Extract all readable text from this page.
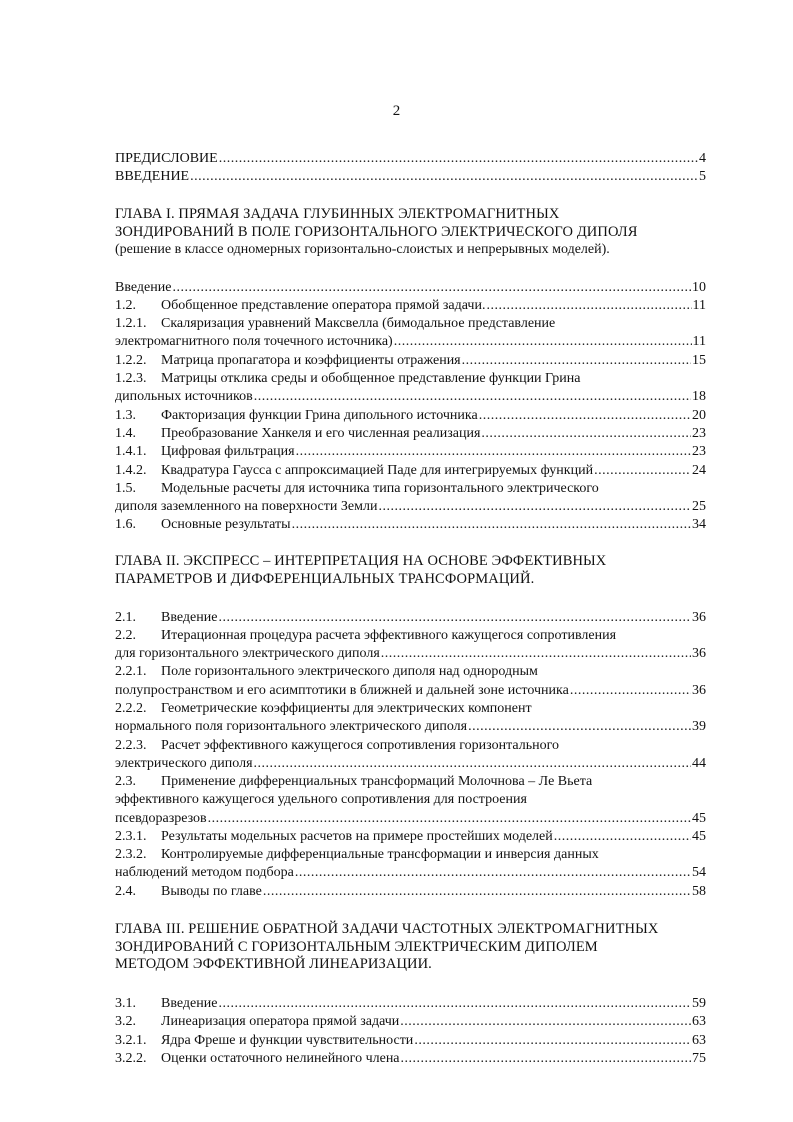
2
ПРЕДИСЛОВИЕ .....	4
ВВЕДЕНИЕ .....	5
ГЛАВА I. ПРЯМАЯ ЗАДАЧА ГЛУБИННЫХ ЭЛЕКТРОМАГНИТНЫХ
ЗОНДИРОВАНИЙ В ПОЛЕ ГОРИЗОНТАЛЬНОГО ЭЛЕКТРИЧЕСКОГО ДИПОЛЯ
(решение в классе одномерных горизонтально-слоистых и непрерывных моделей).
Введение .....	10
1.2.	Обобщенное представление оператора прямой задачи. .....	11
1.2.1.	Скаляризация уравнений Максвелла (бимодальное представление
электромагнитного поля точечного источника) .....	11
1.2.2.	Матрица пропагатора и коэффициенты отражения .....	15
1.2.3.	Матрицы отклика среды и обобщенное представление функции Грина
дипольных источников .....	18
1.3.	Факторизация функции Грина дипольного источника .....	20
1.4.	Преобразование Ханкеля и его численная реализация .....	23
1.4.1.	Цифровая фильтрация .....	23
1.4.2.	Квадратура Гаусса с аппроксимацией Паде для интегрируемых функций .....	24
1.5.	Модельные расчеты для источника типа горизонтального электрического
диполя заземленного на поверхности Земли .....	25
1.6.	Основные результаты .....	34
ГЛАВА II. ЭКСПРЕСС – ИНТЕРПРЕТАЦИЯ НА ОСНОВЕ ЭФФЕКТИВНЫХ
ПАРАМЕТРОВ И ДИФФЕРЕНЦИАЛЬНЫХ ТРАНСФОРМАЦИЙ.
2.1.	Введение .....	36
2.2.	Итерационная процедура расчета эффективного кажущегося сопротивления
для горизонтального электрического диполя .....	36
2.2.1.	Поле горизонтального электрического диполя над однородным
полупространством и его асимптотики в ближней и дальней зоне источника .....	36
2.2.2.	Геометрические коэффициенты для электрических компонент
нормального поля горизонтального электрического диполя .....	39
2.2.3.	Расчет эффективного кажущегося сопротивления горизонтального
электрического диполя .....	44
2.3.	Применение дифференциальных трансформаций Молочнова – Ле Вьета
эффективного кажущегося удельного сопротивления для построения
псевдоразрезов .....	45
2.3.1.	Результаты модельных расчетов на примере простейших моделей .....	45
2.3.2.	Контролируемые дифференциальные трансформации и инверсия данных
наблюдений методом подбора .....	54
2.4.	Выводы по главе .....	58
ГЛАВА III. РЕШЕНИЕ ОБРАТНОЙ ЗАДАЧИ ЧАСТОТНЫХ ЭЛЕКТРОМАГНИТНЫХ
ЗОНДИРОВАНИЙ С ГОРИЗОНТАЛЬНЫМ ЭЛЕКТРИЧЕСКИМ ДИПОЛЕМ
МЕТОДОМ ЭФФЕКТИВНОЙ ЛИНЕАРИЗАЦИИ.
3.1.	Введение .....	59
3.2.	Линеаризация оператора прямой задачи .....	63
3.2.1.	Ядра Фреше и функции чувствительности .....	63
3.2.2.	Оценки остаточного нелинейного члена .....	75
